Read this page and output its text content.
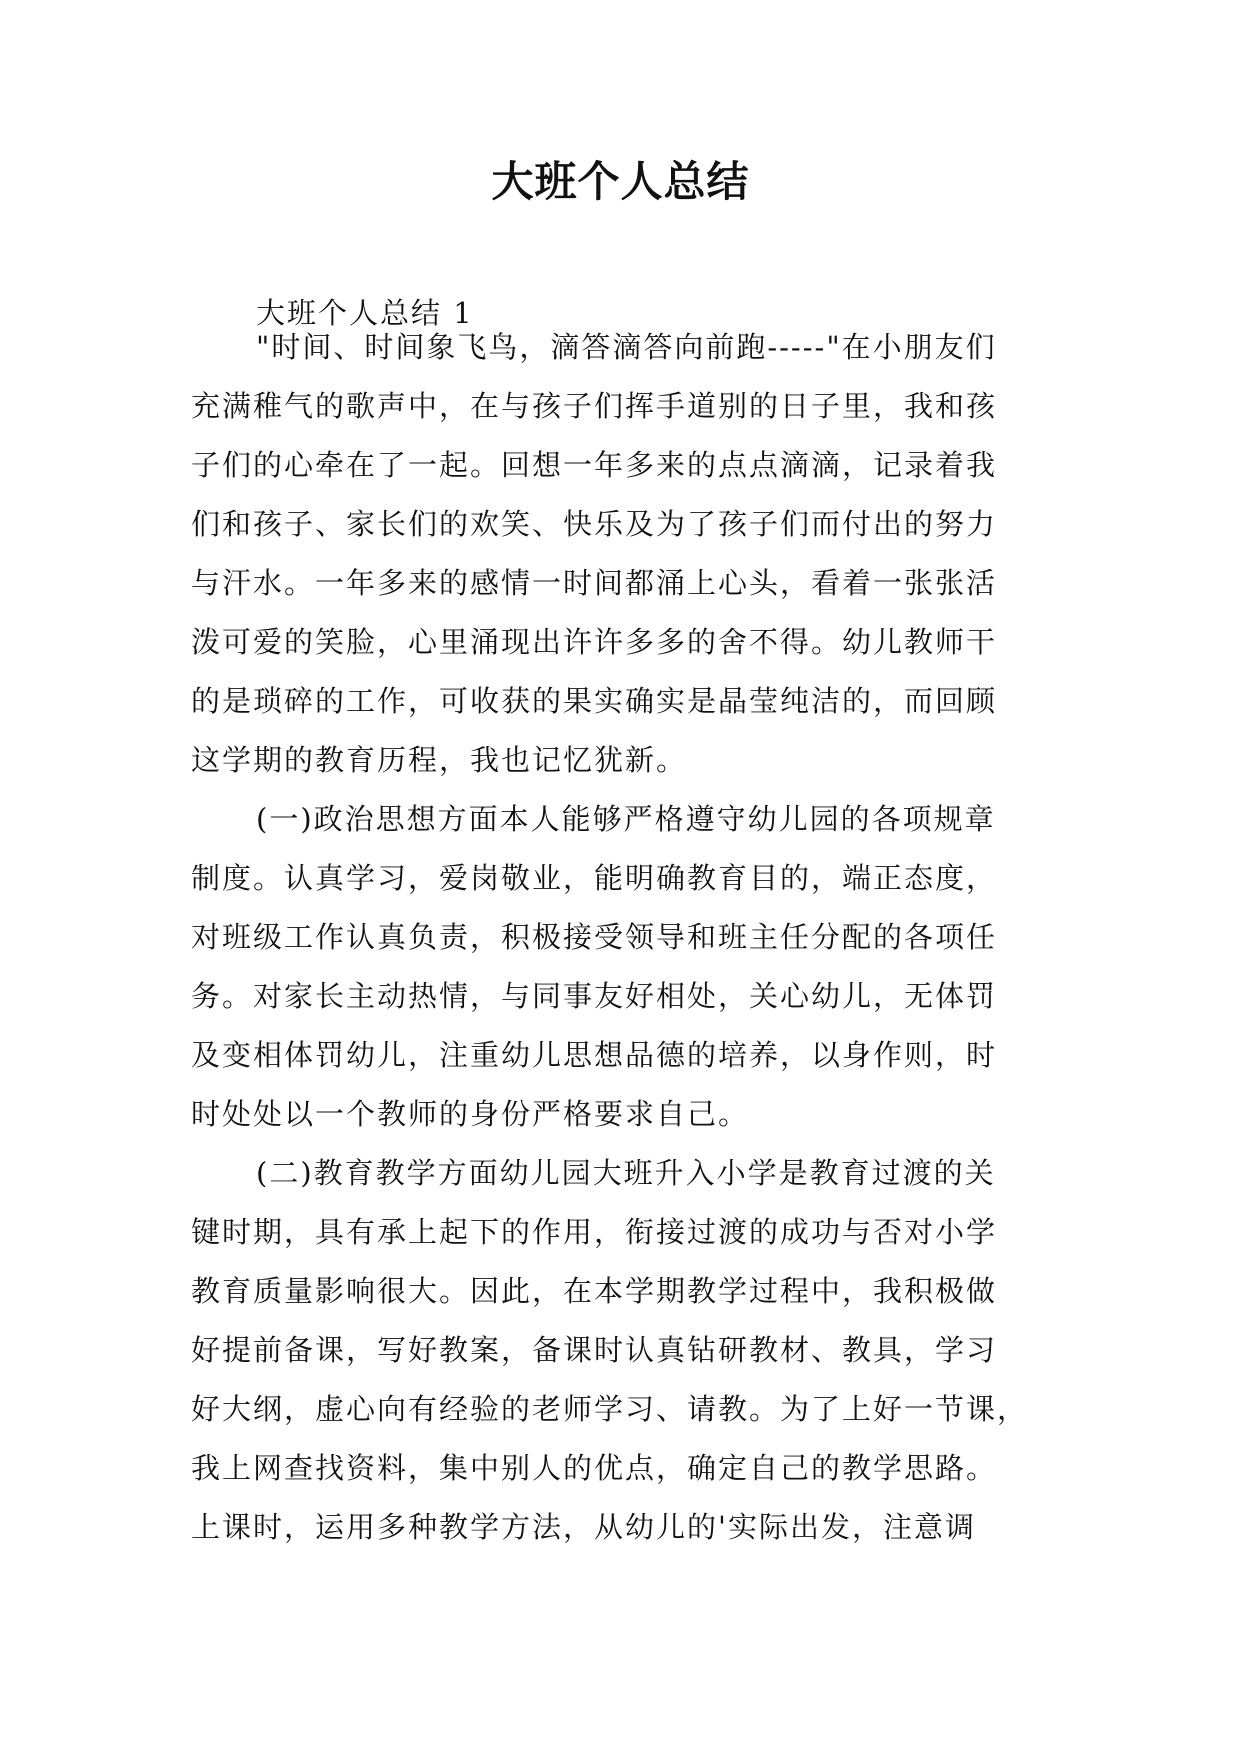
大班个人总结

大班个人总结 1

"时间、时间象飞鸟，滴答滴答向前跑-----"在小朋友们
充满稚气的歌声中，在与孩子们挥手道别的日子里，我和孩
子们的心牵在了一起。回想一年多来的点点滴滴，记录着我
们和孩子、家长们的欢笑、快乐及为了孩子们而付出的努力
与汗水。一年多来的感情一时间都涌上心头，看着一张张活
泼可爱的笑脸，心里涌现出许许多多的舍不得。幼儿教师干
的是琐碎的工作，可收获的果实确实是晶莹纯洁的，而回顾
这学期的教育历程，我也记忆犹新。

(一)政治思想方面本人能够严格遵守幼儿园的各项规章
制度。认真学习，爱岗敬业，能明确教育目的，端正态度，
对班级工作认真负责，积极接受领导和班主任分配的各项任
务。对家长主动热情，与同事友好相处，关心幼儿，无体罚
及变相体罚幼儿，注重幼儿思想品德的培养，以身作则，时
时处处以一个教师的身份严格要求自己。

(二)教育教学方面幼儿园大班升入小学是教育过渡的关
键时期，具有承上起下的作用，衔接过渡的成功与否对小学
教育质量影响很大。因此，在本学期教学过程中，我积极做
好提前备课，写好教案，备课时认真钻研教材、教具，学习
好大纲，虚心向有经验的老师学习、请教。为了上好一节课，
我上网查找资料，集中别人的优点，确定自己的教学思路。
上课时，运用多种教学方法，从幼儿的'实际出发，注意调
